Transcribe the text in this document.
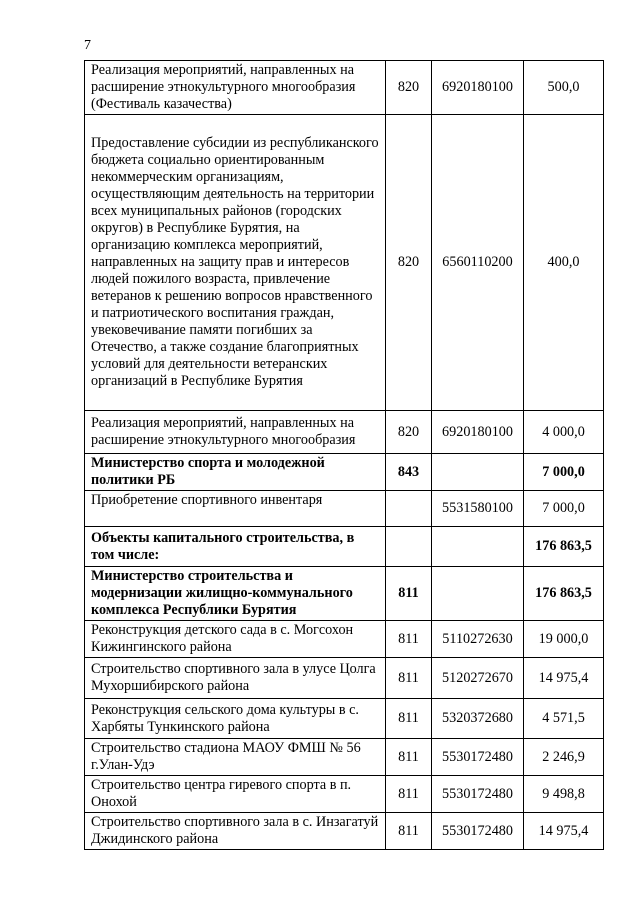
7
Реализация мероприятий, направленных на расширение этнокультурного многообразия (Фестиваль казачества)	820	6920180100	500,0
Предоставление субсидии из республиканского бюджета социально ориентированным некоммерческим организациям, осуществляющим деятельность на территории всех муниципальных районов (городских округов) в Республике Бурятия, на организацию комплекса мероприятий, направленных на защиту прав и интересов людей пожилого возраста, привлечение ветеранов к решению вопросов нравственного и патриотического воспитания граждан, увековечивание памяти погибших за Отечество, а также создание благоприятных условий для деятельности ветеранских организаций в Республике Бурятия	820	6560110200	400,0
Реализация мероприятий, направленных на расширение этнокультурного многообразия	820	6920180100	4 000,0
Министерство спорта и молодежной политики РБ	843		7 000,0
Приобретение спортивного инвентаря		5531580100	7 000,0
Объекты капитального строительства, в том числе:			176 863,5
Министерство строительства и модернизации жилищно-коммунального комплекса Республики Бурятия	811		176 863,5
Реконструкция детского сада в с. Могсохон Кижингинского района	811	5110272630	19 000,0
Строительство спортивного зала в улусе Цолга Мухоршибирского района	811	5120272670	14 975,4
Реконструкция сельского дома культуры в с. Харбяты Тункинского района	811	5320372680	4 571,5
Строительство стадиона МАОУ ФМШ № 56 г.Улан-Удэ	811	5530172480	2 246,9
Строительство центра гиревого спорта в п. Онохой	811	5530172480	9 498,8
Строительство спортивного зала в с. Инзагатуй Джидинского района	811	5530172480	14 975,4
